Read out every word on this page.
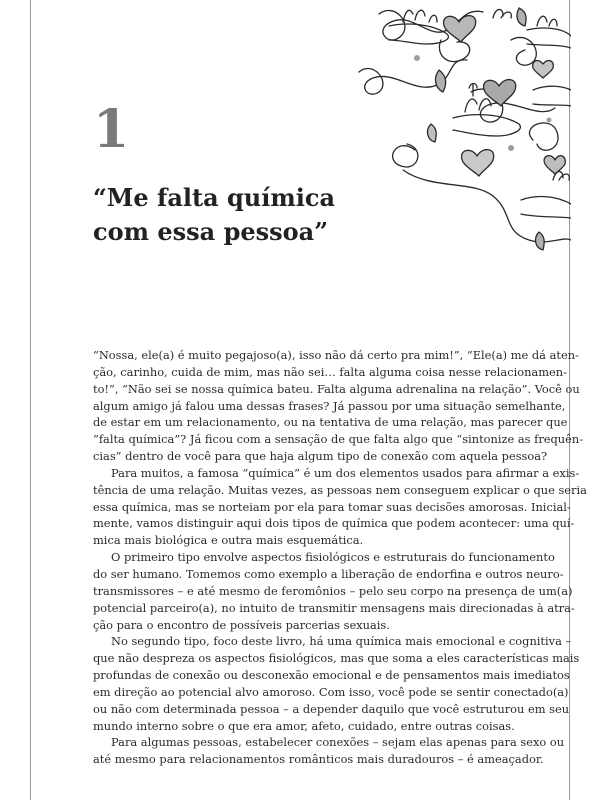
1
“Me falta química
com essa pessoa”

“Nossa, ele(a) é muito pegajoso(a), isso não dá certo pra mim!”, “Ele(a) me dá aten-
ção, carinho, cuida de mim, mas não sei… falta alguma coisa nesse relacionamen-
to!”, “Não sei se nossa química bateu. Falta alguma adrenalina na relação”. Você ou
algum amigo já falou uma dessas frases? Já passou por uma situação semelhante,
de estar em um relacionamento, ou na tentativa de uma relação, mas parecer que
“falta química”? Já ficou com a sensação de que falta algo que “sintonize as frequên-
cias” dentro de você para que haja algum tipo de conexão com aquela pessoa?

Para muitos, a famosa “química” é um dos elementos usados para afirmar a exis-
tência de uma relação. Muitas vezes, as pessoas nem conseguem explicar o que seria
essa química, mas se norteiam por ela para tomar suas decisões amorosas. Inicial-
mente, vamos distinguir aqui dois tipos de química que podem acontecer: uma quí-
mica mais biológica e outra mais esquemática.

O primeiro tipo envolve aspectos fisiológicos e estruturais do funcionamento
do ser humano. Tomemos como exemplo a liberação de endorfina e outros neuro-
transmissores – e até mesmo de feromônios – pelo seu corpo na presença de um(a)
potencial parceiro(a), no intuito de transmitir mensagens mais direcionadas à atra-
ção para o encontro de possíveis parcerias sexuais.

No segundo tipo, foco deste livro, há uma química mais emocional e cognitiva –
que não despreza os aspectos fisiológicos, mas que soma a eles características mais
profundas de conexão ou desconexão emocional e de pensamentos mais imediatos
em direção ao potencial alvo amoroso. Com isso, você pode se sentir conectado(a)
ou não com determinada pessoa – a depender daquilo que você estruturou em seu
mundo interno sobre o que era amor, afeto, cuidado, entre outras coisas.

Para algumas pessoas, estabelecer conexões – sejam elas apenas para sexo ou
até mesmo para relacionamentos românticos mais duradouros – é ameaçador.
